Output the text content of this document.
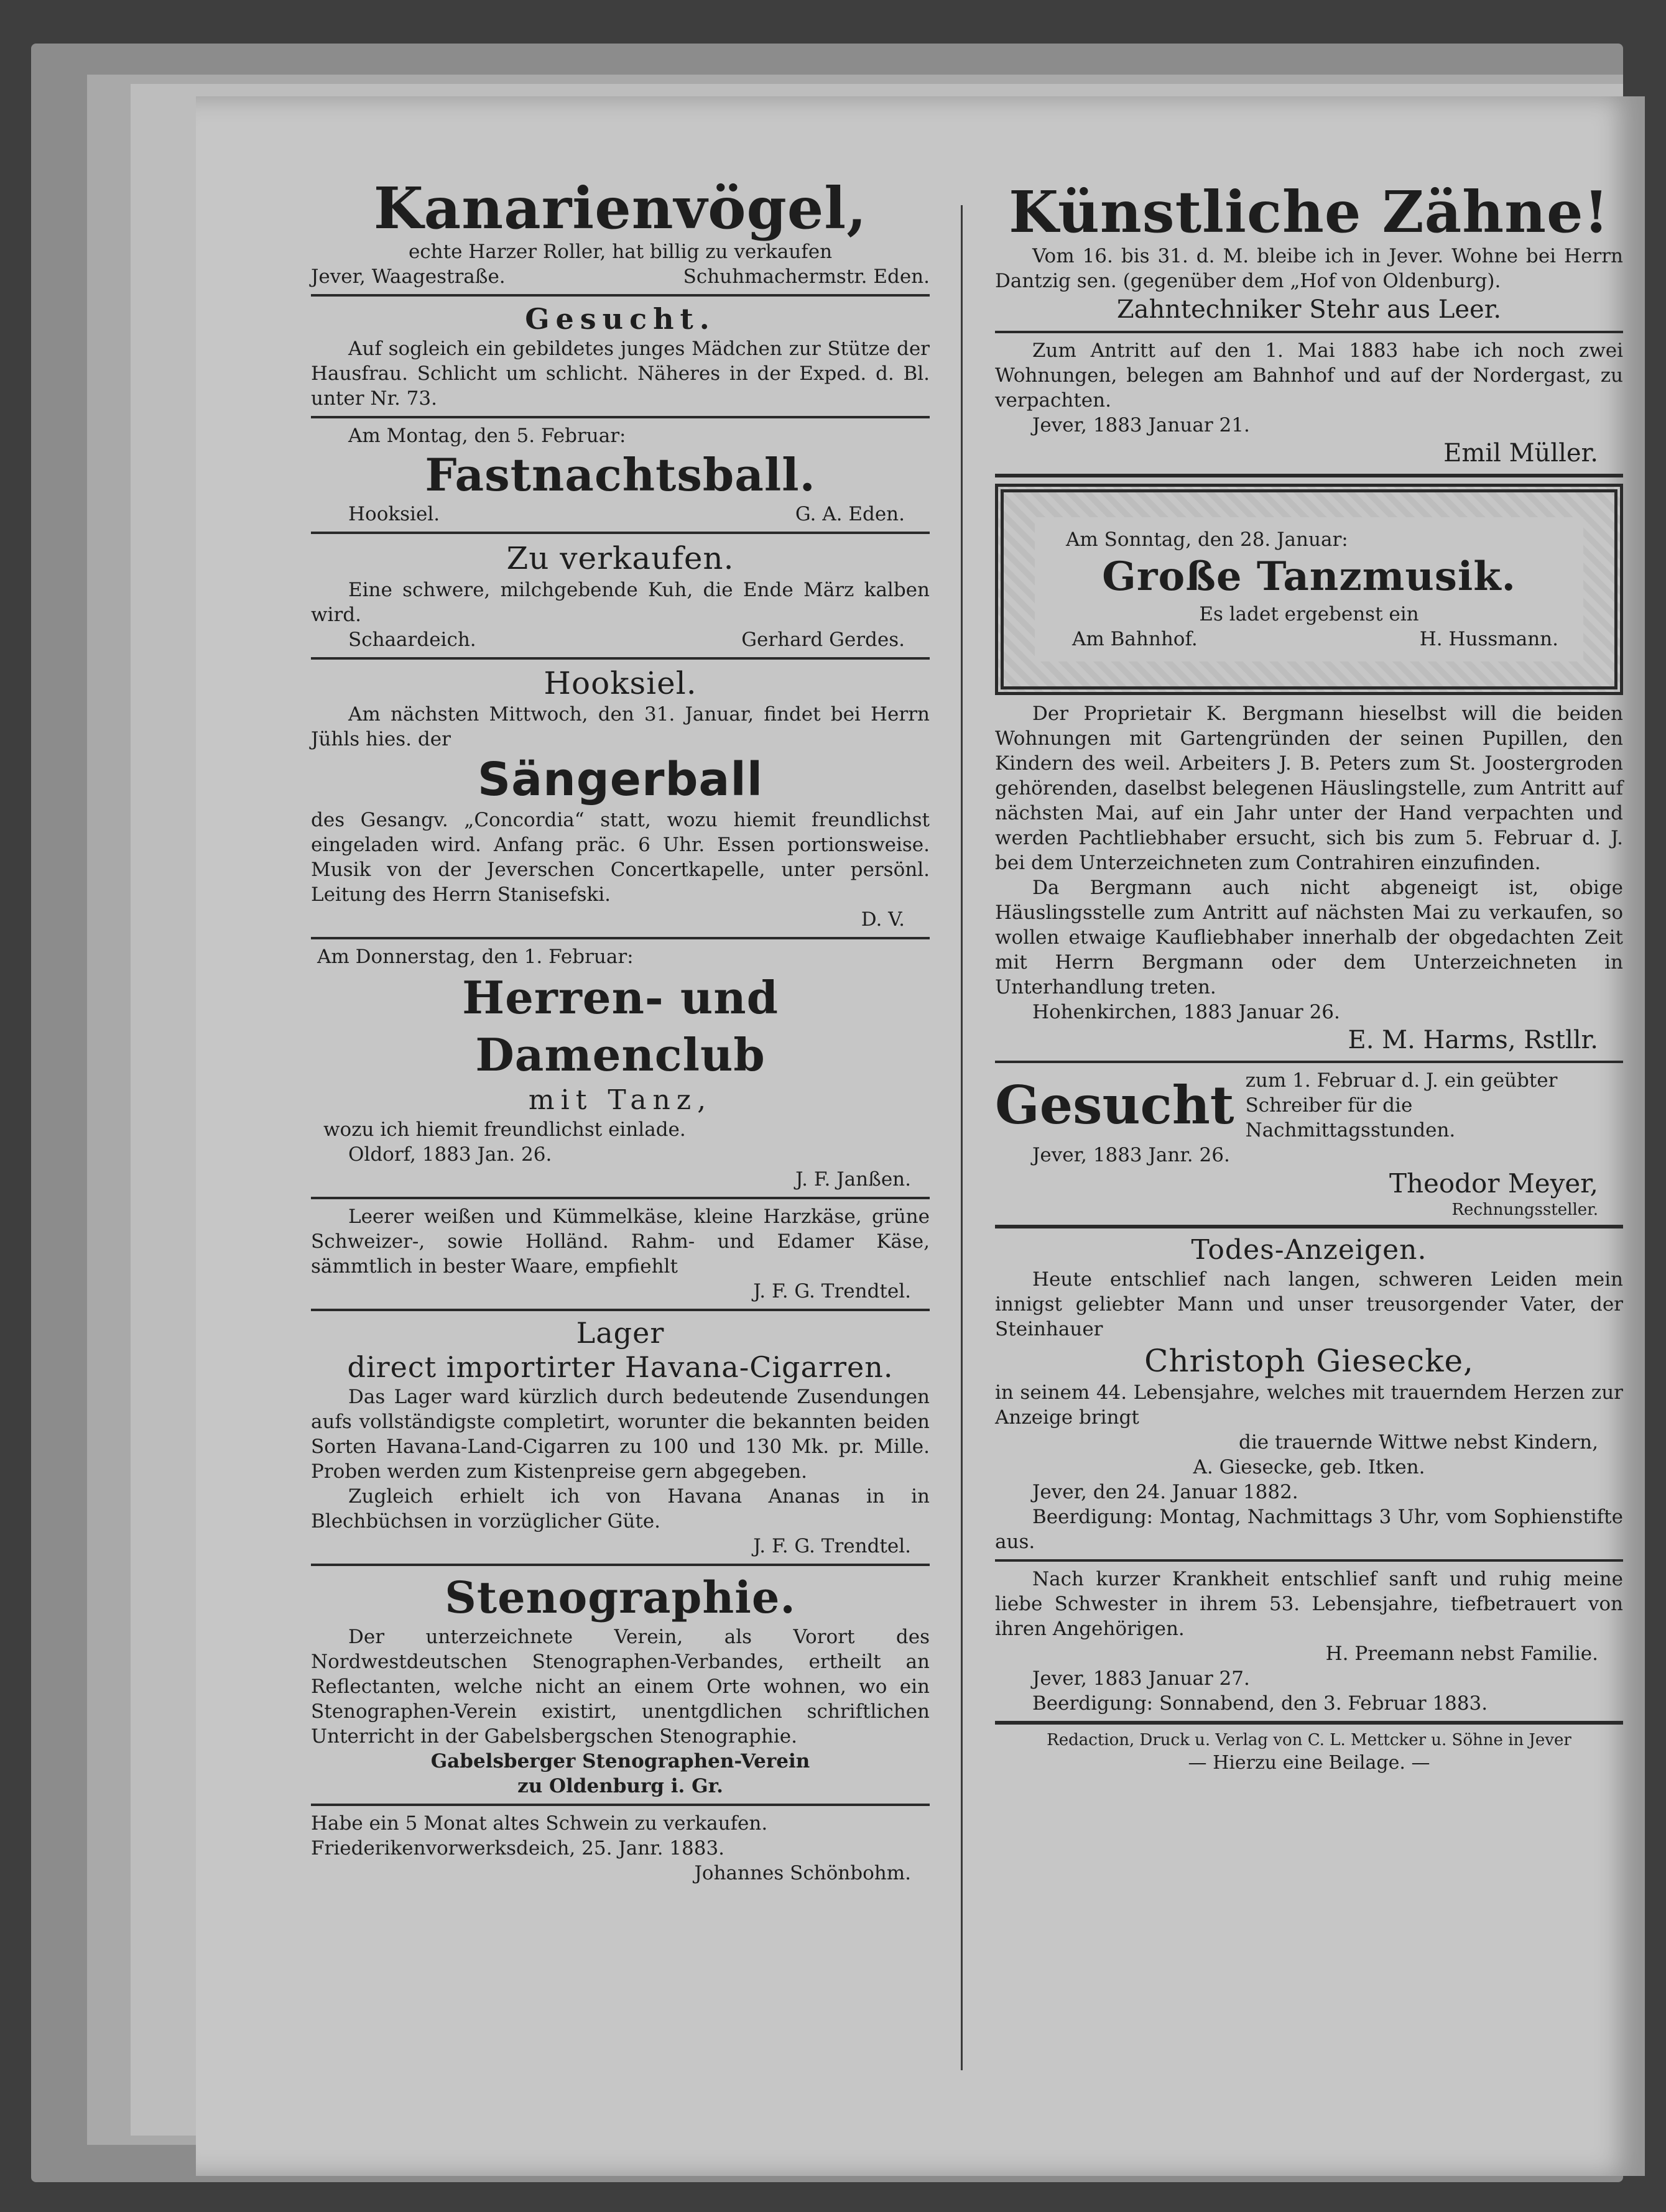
Kanarienvögel,

echte Harzer Roller, hat billig zu verkaufen

Jever, Waagestraße.	Schuhmachermstr. Eden.

Gesucht.

Auf sogleich ein gebildetes junges Mädchen zur Stütze der Hausfrau. Schlicht um schlicht. Näheres in der Exped. d. Bl. unter Nr. 73.

Am Montag, den 5. Februar:

Fastnachtsball.

Hooksiel.	G. A. Eden.

Zu verkaufen.

Eine schwere, milchgebende Kuh, die Ende März kalben wird.

Schaardeich.	Gerhard Gerdes.

Hooksiel.

Am nächsten Mittwoch, den 31. Januar, findet bei Herrn Jühls hies. der

Sängerball

des Gesangv. „Concordia“ statt, wozu hiemit freundlichst eingeladen wird. Anfang präc. 6 Uhr. Essen portionsweise. Musik von der Jeverschen Concertkapelle, unter persönl. Leitung des Herrn Stanisefski.

D. V.

Am Donnerstag, den 1. Februar:

Herren- und Damenclub

mit Tanz,

wozu ich hiemit freundlichst einlade.

Oldorf, 1883 Jan. 26.

J. F. Janßen.

Leerer weißen und Kümmelkäse, kleine Harzkäse, grüne Schweizer-, sowie Holländ. Rahm- und Edamer Käse, sämmtlich in bester Waare, empfiehlt

J. F. G. Trendtel.

Lager

direct importirter Havana-Cigarren.

Das Lager ward kürzlich durch bedeutende Zusendungen aufs vollständigste completirt, worunter die bekannten beiden Sorten Havana-Land-Cigarren zu 100 und 130 Mk. pr. Mille. Proben werden zum Kistenpreise gern abgegeben.

Zugleich erhielt ich von Havana Ananas in in Blechbüchsen in vorzüglicher Güte.

J. F. G. Trendtel.

Stenographie.

Der unterzeichnete Verein, als Vorort des Nordwestdeutschen Stenographen-Verbandes, ertheilt an Reflectanten, welche nicht an einem Orte wohnen, wo ein Stenographen-Verein existirt, unentgdlichen schriftlichen Unterricht in der Gabelsbergschen Stenographie.

Gabelsberger Stenographen-Verein

zu Oldenburg i. Gr.

Habe ein 5 Monat altes Schwein zu verkaufen.

Friederikenvorwerksdeich, 25. Janr. 1883.

Johannes Schönbohm.

Künstliche Zähne!

Vom 16. bis 31. d. M. bleibe ich in Jever. Wohne bei Herrn Dantzig sen. (gegenüber dem „Hof von Oldenburg).

Zahntechniker Stehr aus Leer.

Zum Antritt auf den 1. Mai 1883 habe ich noch zwei Wohnungen, belegen am Bahnhof und auf der Nordergast, zu verpachten.

Jever, 1883 Januar 21.

Emil Müller.

Am Sonntag, den 28. Januar:

Große Tanzmusik.

Es ladet ergebenst ein

Am Bahnhof.	H. Hussmann.

Der Proprietair K. Bergmann hieselbst will die beiden Wohnungen mit Gartengründen der seinen Pupillen, den Kindern des weil. Arbeiters J. B. Peters zum St. Joostergroden gehörenden, daselbst belegenen Häuslingstelle, zum Antritt auf nächsten Mai, auf ein Jahr unter der Hand verpachten und werden Pachtliebhaber ersucht, sich bis zum 5. Februar d. J. bei dem Unterzeichneten zum Contrahiren einzufinden.

Da Bergmann auch nicht abgeneigt ist, obige Häuslingsstelle zum Antritt auf nächsten Mai zu verkaufen, so wollen etwaige Kaufliebhaber innerhalb der obgedachten Zeit mit Herrn Bergmann oder dem Unterzeichneten in Unterhandlung treten.

Hohenkirchen, 1883 Januar 26.

E. M. Harms, Rstllr.

Gesucht zum 1. Februar d. J. ein geübter Schreiber für die Nachmittagsstunden.

Jever, 1883 Janr. 26.

Theodor Meyer,

Rechnungssteller.

Todes-Anzeigen.

Heute entschlief nach langen, schweren Leiden mein innigst geliebter Mann und unser treusorgender Vater, der Steinhauer

Christoph Giesecke,

in seinem 44. Lebensjahre, welches mit trauerndem Herzen zur Anzeige bringt

die trauernde Wittwe nebst Kindern,

A. Giesecke, geb. Itken.

Jever, den 24. Januar 1882.

Beerdigung: Montag, Nachmittags 3 Uhr, vom Sophienstifte aus.

Nach kurzer Krankheit entschlief sanft und ruhig meine liebe Schwester in ihrem 53. Lebensjahre, tiefbetrauert von ihren Angehörigen.

H. Preemann nebst Familie.

Jever, 1883 Januar 27.

Beerdigung: Sonnabend, den 3. Februar 1883.

Redaction, Druck u. Verlag von C. L. Mettcker u. Söhne in Jever

— Hierzu eine Beilage. —
